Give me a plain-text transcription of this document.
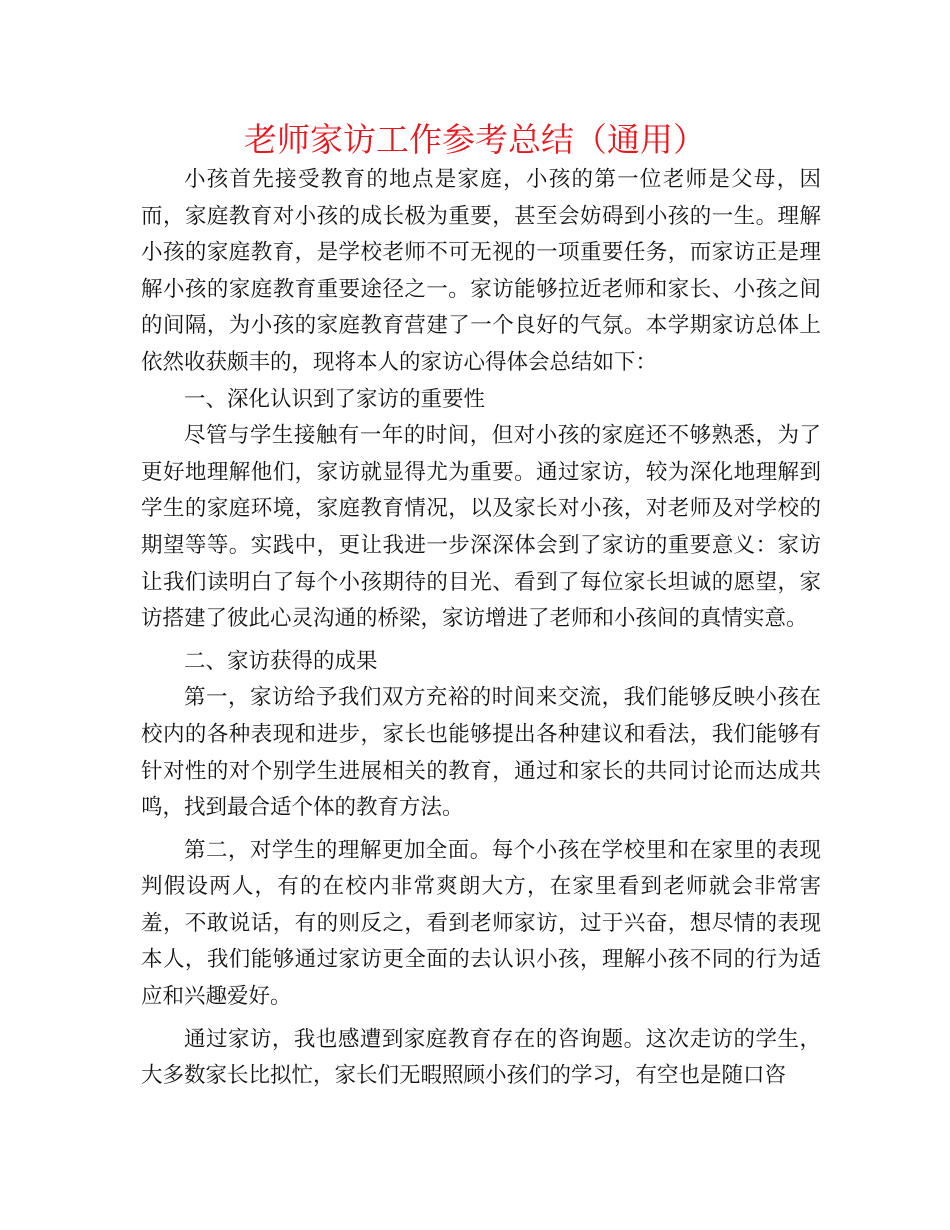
老师家访工作参考总结（通用）

小孩首先接受教育的地点是家庭，小孩的第一位老师是父母，因而，家庭教育对小孩的成长极为重要，甚至会妨碍到小孩的一生。理解小孩的家庭教育，是学校老师不可无视的一项重要任务，而家访正是理解小孩的家庭教育重要途径之一。家访能够拉近老师和家长、小孩之间的间隔，为小孩的家庭教育营建了一个良好的气氛。本学期家访总体上依然收获颇丰的，现将本人的家访心得体会总结如下：

一、深化认识到了家访的重要性

尽管与学生接触有一年的时间，但对小孩的家庭还不够熟悉，为了更好地理解他们，家访就显得尤为重要。通过家访，较为深化地理解到学生的家庭环境，家庭教育情况，以及家长对小孩，对老师及对学校的期望等等。实践中，更让我进一步深深体会到了家访的重要意义：家访让我们读明白了每个小孩期待的目光、看到了每位家长坦诚的愿望，家访搭建了彼此心灵沟通的桥梁，家访增进了老师和小孩间的真情实意。

二、家访获得的成果

第一，家访给予我们双方充裕的时间来交流，我们能够反映小孩在校内的各种表现和进步，家长也能够提出各种建议和看法，我们能够有针对性的对个别学生进展相关的教育，通过和家长的共同讨论而达成共鸣，找到最合适个体的教育方法。

第二，对学生的理解更加全面。每个小孩在学校里和在家里的表现判假设两人，有的在校内非常爽朗大方，在家里看到老师就会非常害羞，不敢说话，有的则反之，看到老师家访，过于兴奋，想尽情的表现本人，我们能够通过家访更全面的去认识小孩，理解小孩不同的行为适应和兴趣爱好。

通过家访，我也感遭到家庭教育存在的咨询题。这次走访的学生，大多数家长比拟忙，家长们无暇照顾小孩们的学习，有空也是随口咨
